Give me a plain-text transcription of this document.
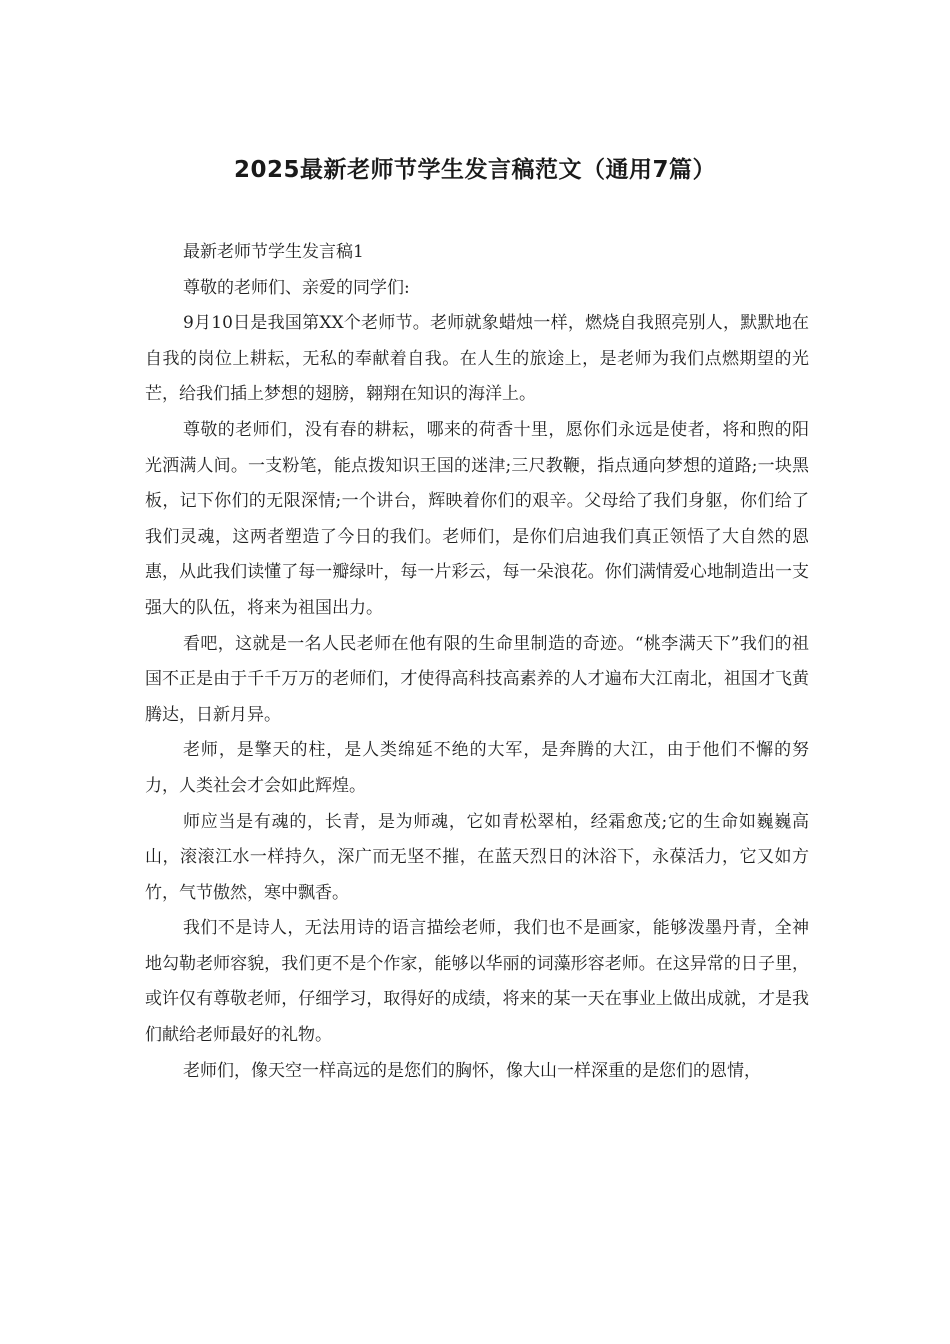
2025最新老师节学生发言稿范文（通用7篇）

最新老师节学生发言稿1

尊敬的老师们、亲爱的同学们:

9月10日是我国第XX个老师节。老师就象蜡烛一样，燃烧自我照亮别人，默默地在自我的岗位上耕耘，无私的奉献着自我。在人生的旅途上，是老师为我们点燃期望的光芒，给我们插上梦想的翅膀，翱翔在知识的海洋上。

尊敬的老师们，没有春的耕耘，哪来的荷香十里，愿你们永远是使者，将和煦的阳光洒满人间。一支粉笔，能点拨知识王国的迷津;三尺教鞭，指点通向梦想的道路;一块黑板，记下你们的无限深情;一个讲台，辉映着你们的艰辛。父母给了我们身躯，你们给了我们灵魂，这两者塑造了今日的我们。老师们，是你们启迪我们真正领悟了大自然的恩惠，从此我们读懂了每一瓣绿叶，每一片彩云，每一朵浪花。你们满情爱心地制造出一支强大的队伍，将来为祖国出力。

看吧，这就是一名人民老师在他有限的生命里制造的奇迹。“桃李满天下”我们的祖国不正是由于千千万万的老师们，才使得高科技高素养的人才遍布大江南北，祖国才飞黄腾达，日新月异。

老师，是擎天的柱，是人类绵延不绝的大军，是奔腾的大江，由于他们不懈的努力，人类社会才会如此辉煌。

师应当是有魂的，长青，是为师魂，它如青松翠柏，经霜愈茂;它的生命如巍巍高山，滚滚江水一样持久，深广而无坚不摧，在蓝天烈日的沐浴下，永葆活力，它又如方竹，气节傲然，寒中飘香。

我们不是诗人，无法用诗的语言描绘老师，我们也不是画家，能够泼墨丹青，全神地勾勒老师容貌，我们更不是个作家，能够以华丽的词藻形容老师。在这异常的日子里，或许仅有尊敬老师，仔细学习，取得好的成绩，将来的某一天在事业上做出成就，才是我们献给老师最好的礼物。

老师们，像天空一样高远的是您们的胸怀，像大山一样深重的是您们的恩情，
